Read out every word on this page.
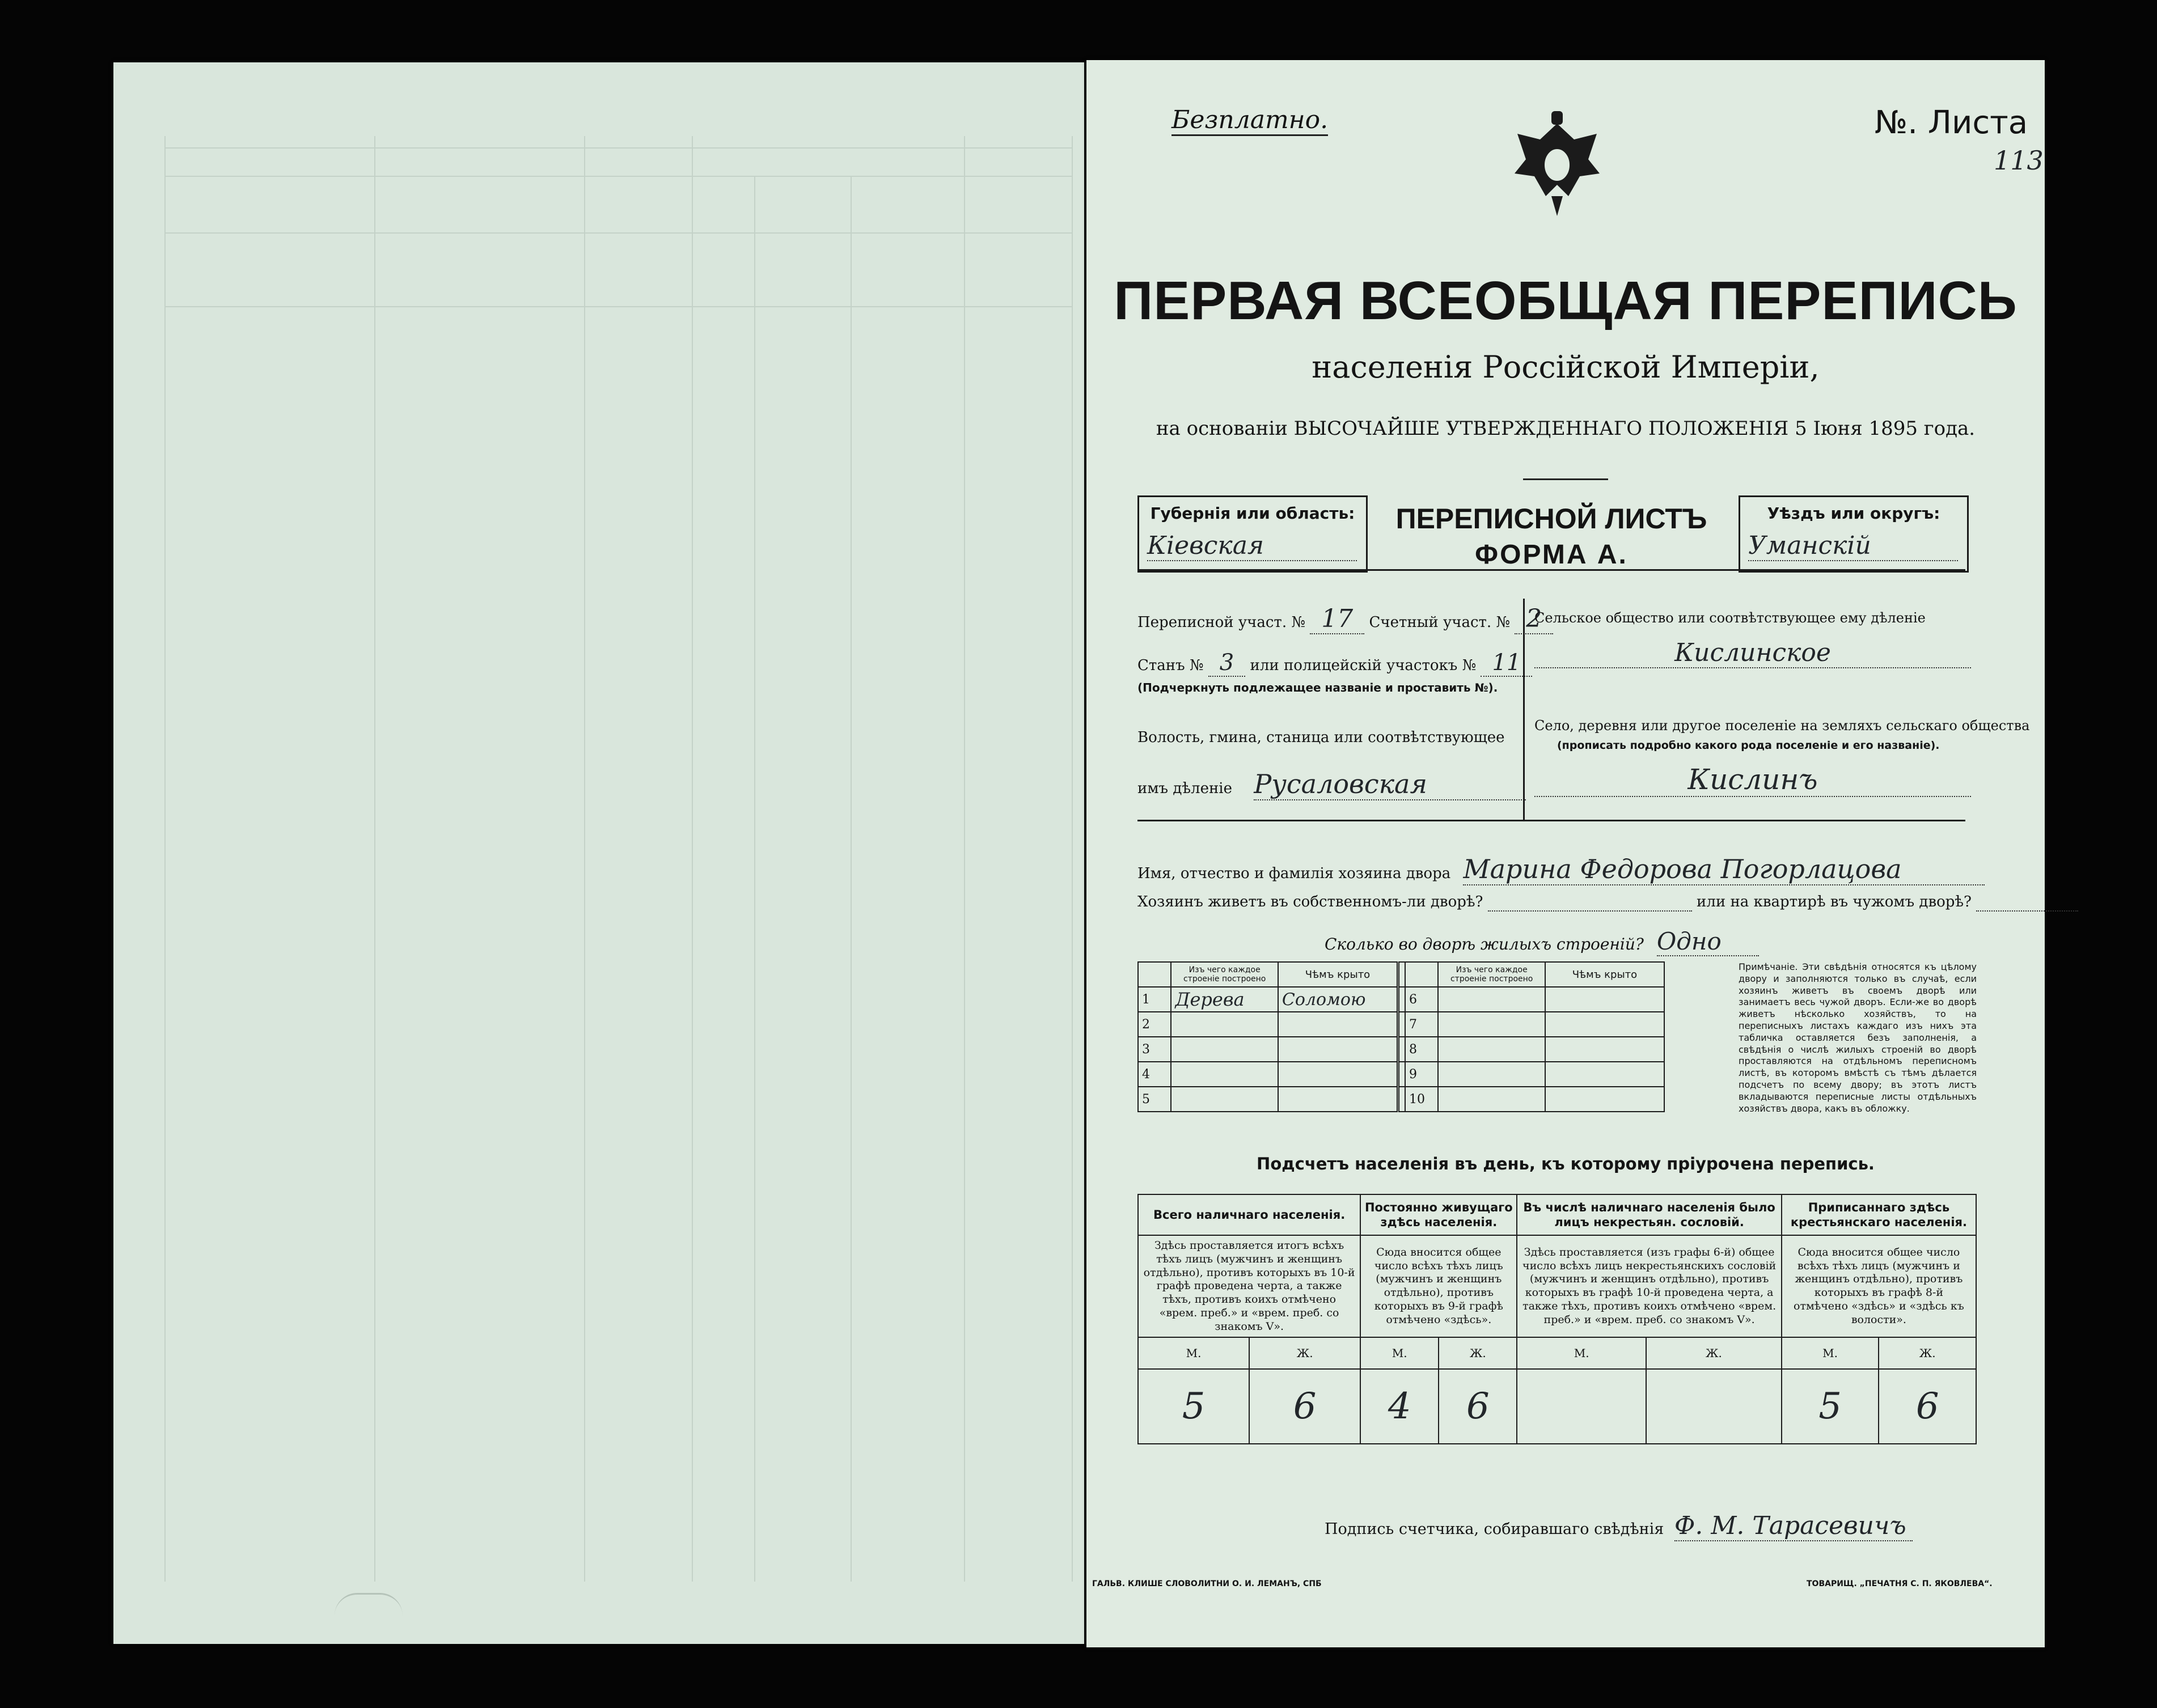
Безплатно.	№. Листа
113
ПЕРВАЯ ВСЕОБЩАЯ ПЕРЕПИСЬ
населенія Россійской Имперіи,
на основаніи ВЫСОЧАЙШЕ УТВЕРЖДЕННАГО ПОЛОЖЕНІЯ 5 Іюня 1895 года.
Губернія или область:
Кіевская
ПЕРЕПИСНОЙ ЛИСТЪ
ФОРМА А.
Уѣздъ или округъ:
Уманскій
Переписной участ. № 17 Счетный участ. № 2
Станъ № 3 или полицейскій участокъ № 11
(Подчеркнуть подлежащее названіе и проставить №).
Волость, гмина, станица или соотвѣтствующее
имъ дѣленіе Русаловская
Сельское общество или соотвѣтствующее ему дѣленіе
Кислинское
Село, деревня или другое поселеніе на земляхъ сельскаго общества
(прописать подробно какого рода поселеніе и его названіе).
Кислинъ
Имя, отчество и фамилія хозяина двора Марина Федорова Погорлацова
Хозяинъ живетъ въ собственномъ-ли дворѣ?	или на квартирѣ въ чужомъ дворѣ?
Сколько во дворѣ жилыхъ строеній? Одно
	Изъ чего каждое строеніе построено	Чѣмъ крыто			Изъ чего каждое строеніе построено	Чѣмъ крыто
1	Дерева	Соломою		6		
2				7		
3				8		
4				9		
5				10		
Примѣчаніе. Эти свѣдѣнія относятся къ цѣлому двору и заполняются только въ случаѣ, если хозяинъ живетъ въ своемъ дворѣ или занимаетъ весь чужой дворъ. Если-же во дворѣ живетъ нѣсколько хозяйствъ, то на переписныхъ листахъ каждаго изъ нихъ эта табличка оставляется безъ заполненія, а свѣдѣнія о числѣ жилыхъ строеній во дворѣ проставляются на отдѣльномъ переписномъ листѣ, въ которомъ вмѣстѣ съ тѣмъ дѣлается подсчетъ по всему двору; въ этотъ листъ вкладываются переписные листы отдѣльныхъ хозяйствъ двора, какъ въ обложку.
Подсчетъ населенія въ день, къ которому пріурочена перепись.
Всего наличнаго населенія.		Постоянно живущаго здѣсь населенія.		Въ числѣ наличнаго населенія было лицъ некрестьян. сословій.		Приписаннаго здѣсь крестьянскаго населенія.	
Здѣсь проставляется итогъ всѣхъ тѣхъ лицъ (мужчинъ и женщинъ отдѣльно), противъ которыхъ въ 10-й графѣ проведена черта, а также тѣхъ, противъ коихъ отмѣчено «врем. преб.» и «врем. преб. со знакомъ V».		Сюда вносится общее число всѣхъ тѣхъ лицъ (мужчинъ и женщинъ отдѣльно), противъ которыхъ въ 9-й графѣ отмѣчено «здѣсь».		Здѣсь проставляется (изъ графы 6-й) общее число всѣхъ лицъ некрестьянскихъ сословій (мужчинъ и женщинъ отдѣльно), противъ которыхъ въ графѣ 10-й проведена черта, а также тѣхъ, противъ коихъ отмѣчено «врем. преб.» и «врем. преб. со знакомъ V».		Сюда вносится общее число всѣхъ тѣхъ лицъ (мужчинъ и женщинъ отдѣльно), противъ которыхъ въ графѣ 8-й отмѣчено «здѣсь» и «здѣсь къ волости».	
М.	Ж.	М.	Ж.	М.	Ж.	М.	Ж.
5	6	4	6			5	6
Подпись счетчика, собиравшаго свѣдѣнія Ф. М. Тарасевичъ
ГАЛЬВ. КЛИШЕ СЛОВОЛИТНИ О. И. ЛЕМАНЪ, СПБ	ТОВАРИЩ. „ПЕЧАТНЯ С. П. ЯКОВЛЕВА“.
